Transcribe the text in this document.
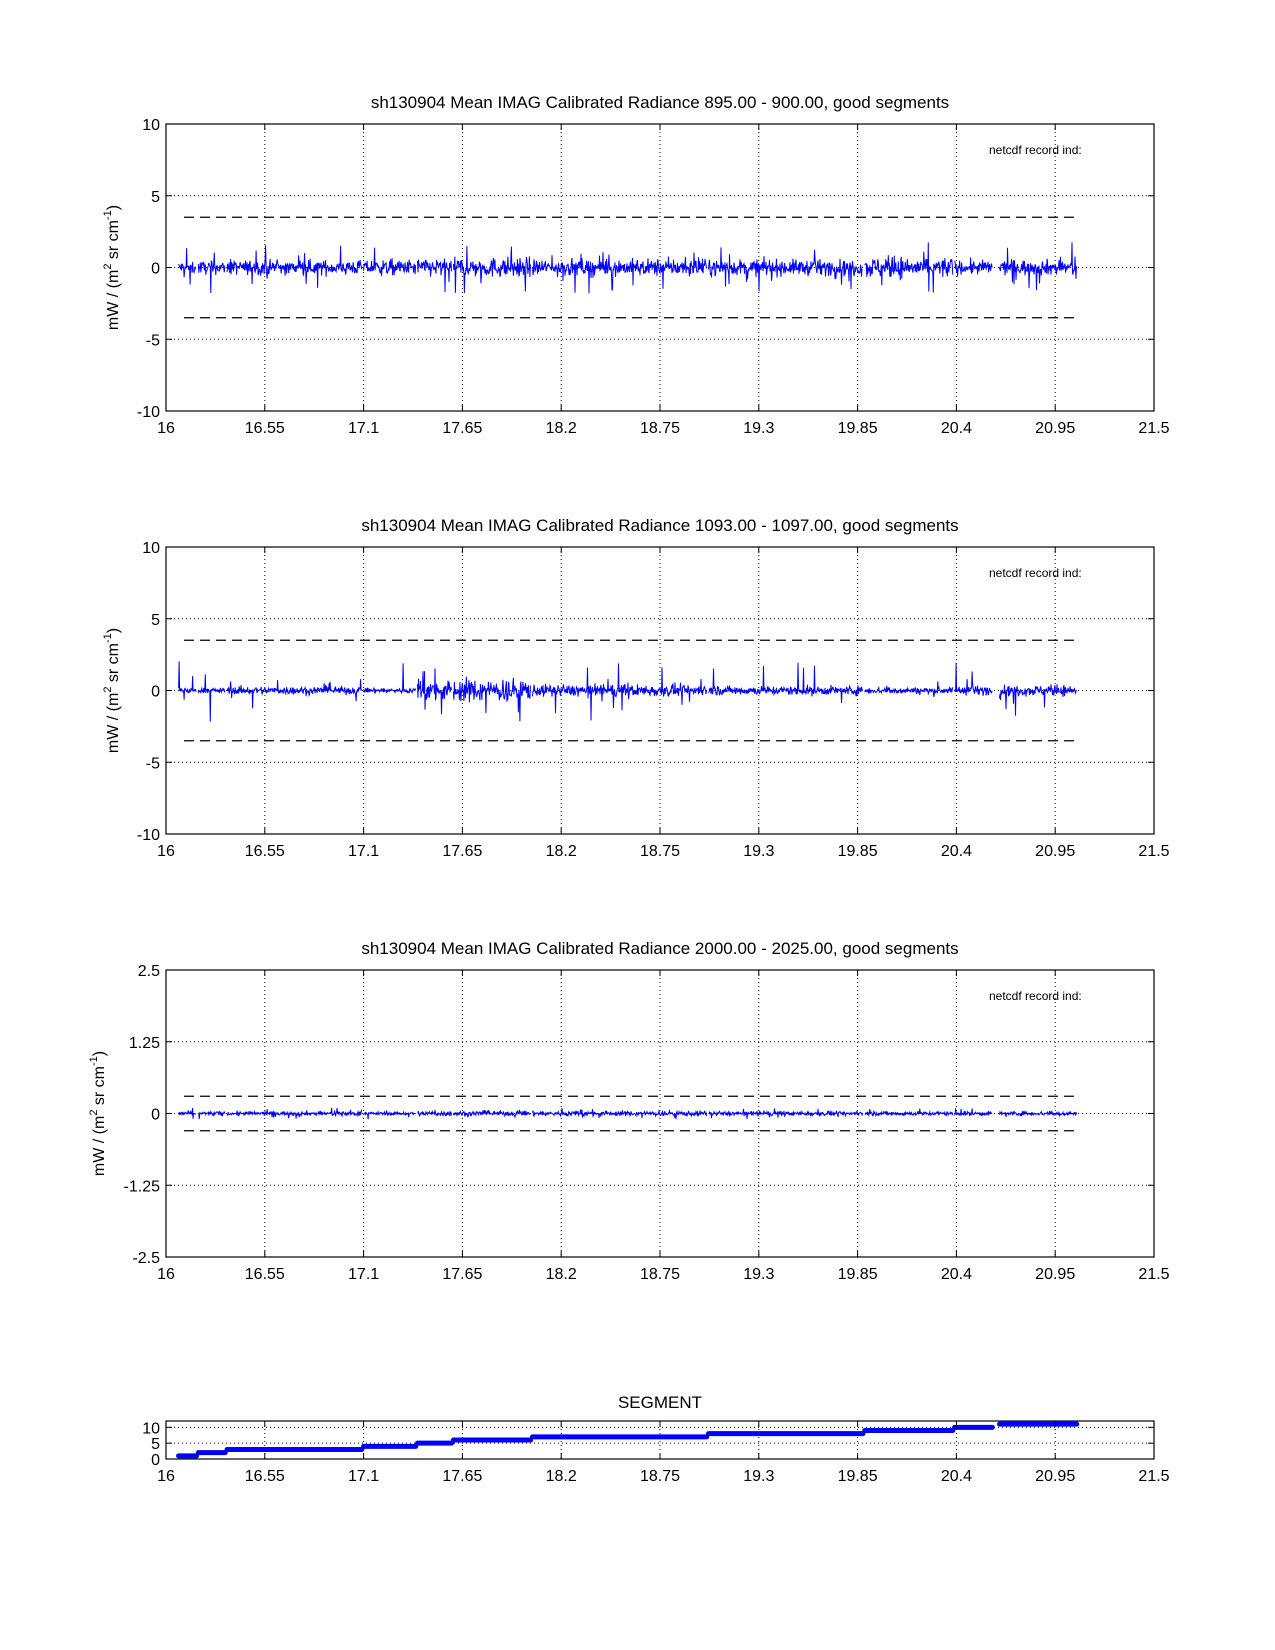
sh130904 Mean IMAG Calibrated Radiance 895.00 - 900.00, good segments
netcdf record ind:
16	16.55	17.1	17.65	18.2	18.75	19.3	19.85	20.4	20.95	21.5
-10
-5
0
5
10
mW / ($m^2$ sr $cm^{-1}$)
sh130904 Mean IMAG Calibrated Radiance 1093.00 - 1097.00, good segments
netcdf record ind:
16	16.55	17.1	17.65	18.2	18.75	19.3	19.85	20.4	20.95	21.5
-10
-5
0
5
10
mW / ($m^2$ sr $cm^{-1}$)
sh130904 Mean IMAG Calibrated Radiance 2000.00 - 2025.00, good segments
netcdf record ind:
16	16.55	17.1	17.65	18.2	18.75	19.3	19.85	20.4	20.95	21.5
-2.5
-1.25
0
1.25
2.5
mW / ($m^2$ sr $cm^{-1}$)
SEGMENT
16	16.55	17.1	17.65	18.2	18.75	19.3	19.85	20.4	20.95	21.5
0
5
10
